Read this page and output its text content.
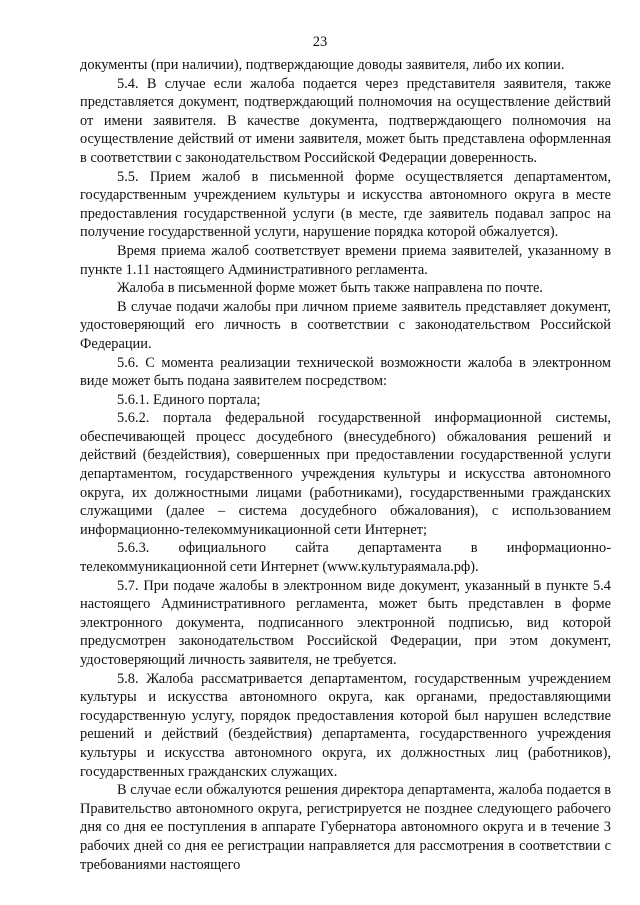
23

документы (при наличии), подтверждающие доводы заявителя, либо их копии.

5.4. В случае если жалоба подается через представителя заявителя, также представляется документ, подтверждающий полномочия на осуществление действий от имени заявителя. В качестве документа, подтверждающего полномочия на осуществление действий от имени заявителя, может быть представлена оформленная в соответствии с законодательством Российской Федерации доверенность.

5.5. Прием жалоб в письменной форме осуществляется департаментом, государственным учреждением культуры и искусства автономного округа в месте предоставления государственной услуги (в месте, где заявитель подавал запрос на получение государственной услуги, нарушение порядка которой обжалуется).

Время приема жалоб соответствует времени приема заявителей, указанному в пункте 1.11 настоящего Административного регламента.

Жалоба в письменной форме может быть также направлена по почте.

В случае подачи жалобы при личном приеме заявитель представляет документ, удостоверяющий его личность в соответствии с законодательством Российской Федерации.

5.6. С момента реализации технической возможности жалоба в электронном виде может быть подана заявителем посредством:

5.6.1. Единого портала;

5.6.2. портала федеральной государственной информационной системы, обеспечивающей процесс досудебного (внесудебного) обжалования решений и действий (бездействия), совершенных при предоставлении государственной услуги департаментом, государственного учреждения культуры и искусства автономного округа, их должностными лицами (работниками), государственными гражданских служащими (далее – система досудебного обжалования), с использованием информационно-телекоммуникационной сети Интернет;

5.6.3. официального сайта департамента в информационно-телекоммуникационной сети Интернет (www.культураямала.рф).

5.7. При подаче жалобы в электронном виде документ, указанный в пункте 5.4 настоящего Административного регламента, может быть представлен в форме электронного документа, подписанного электронной подписью, вид которой предусмотрен законодательством Российской Федерации, при этом документ, удостоверяющий личность заявителя, не требуется.

5.8. Жалоба рассматривается департаментом, государственным учреждением культуры и искусства автономного округа, как органами, предоставляющими государственную услугу, порядок предоставления которой был нарушен вследствие решений и действий (бездействия) департамента, государственного учреждения культуры и искусства автономного округа, их должностных лиц (работников), государственных гражданских служащих.

В случае если обжалуются решения директора департамента, жалоба подается в Правительство автономного округа, регистрируется не позднее следующего рабочего дня со дня ее поступления в аппарате Губернатора автономного округа и в течение 3 рабочих дней со дня ее регистрации направляется для рассмотрения в соответствии с требованиями настоящего
